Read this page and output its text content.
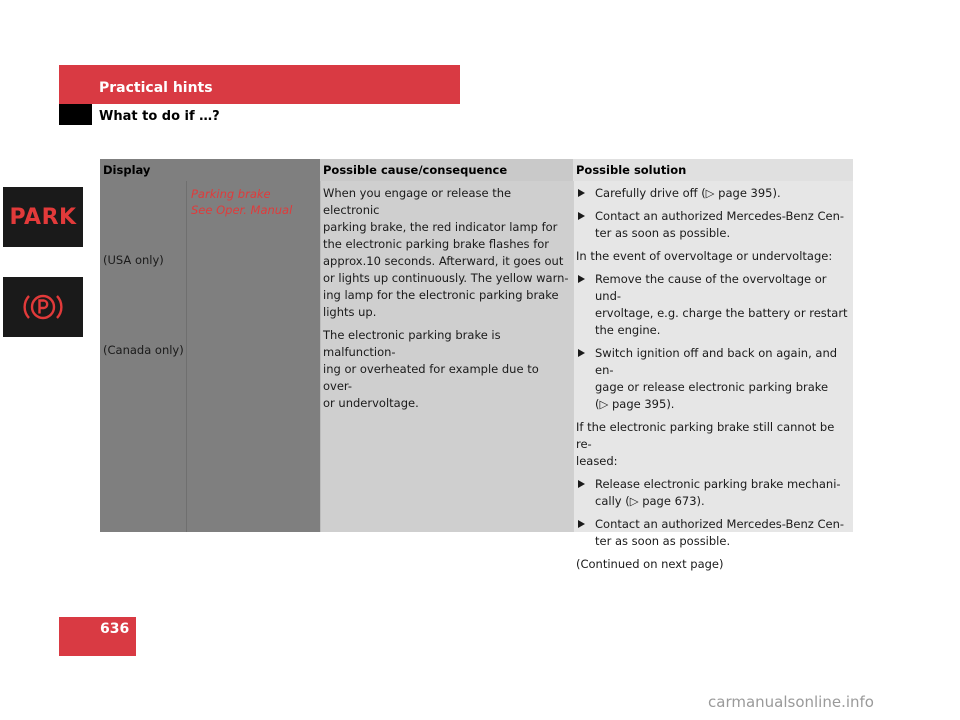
Practical hints
What to do if …?
Display	Possible cause/consequence	Possible solution
PARK
(USA only)
(Canada only)
Parking brake
See Oper. Manual

When you engage or release the electronic
parking brake, the red indicator lamp for
the electronic parking brake flashes for
approx.10 seconds. Afterward, it goes out
or lights up continuously. The yellow warn-
ing lamp for the electronic parking brake
lights up.

The electronic parking brake is malfunction-
ing or overheated for example due to over-
or undervoltage.

Carefully drive off (▷ page 395).
Contact an authorized Mercedes-Benz Cen-
ter as soon as possible.
In the event of overvoltage or undervoltage:
Remove the cause of the overvoltage or und-
ervoltage, e.g. charge the battery or restart
the engine.
Switch ignition off and back on again, and en-
gage or release electronic parking brake
(▷ page 395).
If the electronic parking brake still cannot be re-
leased:
Release electronic parking brake mechani-
cally (▷ page 673).
Contact an authorized Mercedes-Benz Cen-
ter as soon as possible.
(Continued on next page)
636
carmanualsonline.info
